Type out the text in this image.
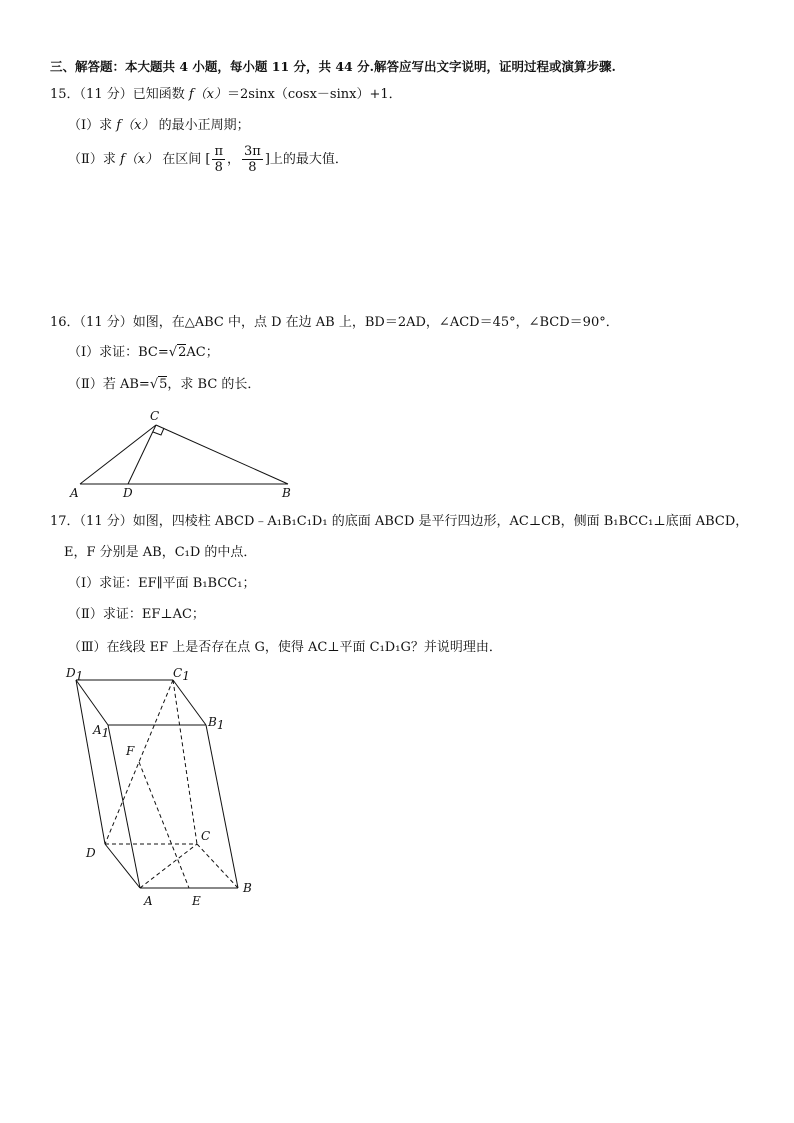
三、解答题：本大题共 4 小题，每小题 11 分，共 44 分.解答应写出文字说明，证明过程或演算步骤.
15．（11 分）已知函数 f（x）＝2sinx（cosx－sinx）+1．
（Ⅰ）求 f（x） 的最小正周期；
（Ⅱ）求 f（x） 在区间 [ $\frac{\pi}{8}$ ， $\frac{3\pi}{8}$ ]上的最大值．
16．（11 分）如图，在△ABC 中，点 D 在边 AB 上，BD＝2AD，∠ACD＝45°，∠BCD＝90°．
（Ⅰ）求证：BC=√2AC；
（Ⅱ）若 AB=√5，求 BC 的长．
A	D	B
C
17．（11 分）如图，四棱柱 ABCD﹣A₁B₁C₁D₁ 的底面 ABCD 是平行四边形，AC⊥CB，侧面 B₁BCC₁⊥底面 ABCD，
E，F 分别是 AB，C₁D 的中点．
（Ⅰ）求证：EF∥平面 B₁BCC₁；
（Ⅱ）求证：EF⊥AC；
（Ⅲ）在线段 EF 上是否存在点 G，使得 AC⊥平面 C₁D₁G？并说明理由．
D1	C1
A1
B1
F
C
D
A	E
B
